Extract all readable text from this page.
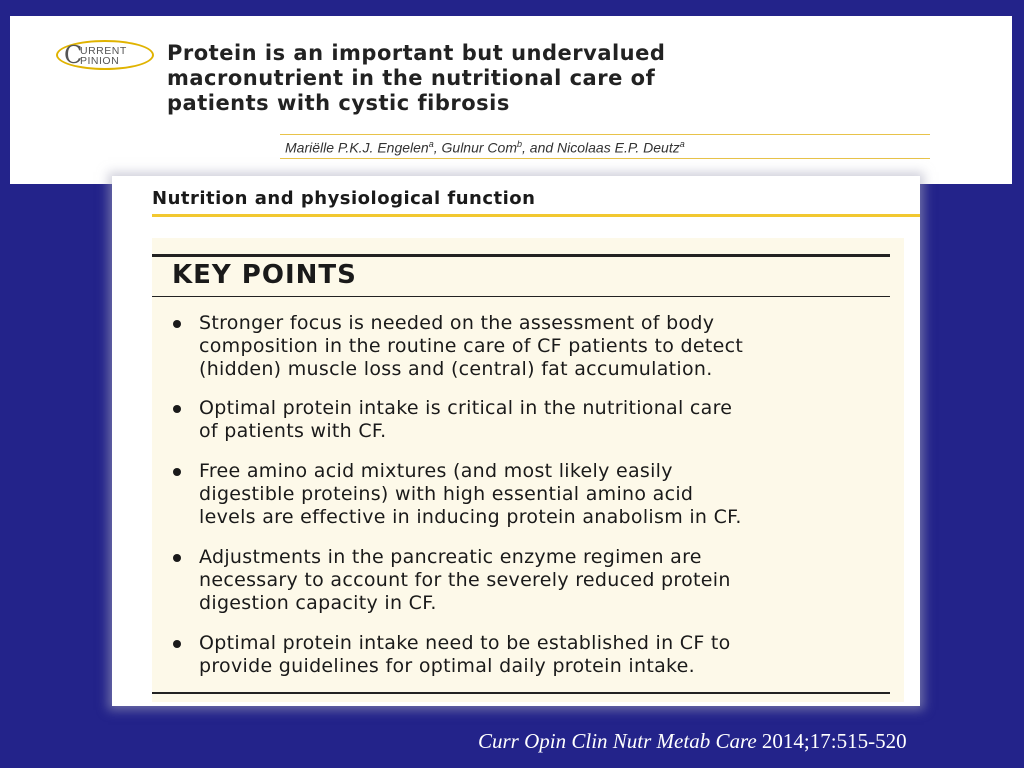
C
URRENT
PINION	Protein is an important but undervalued
macronutrient in the nutritional care of
patients with cystic fibrosis
Mariëlle P.K.J. Engelen$^a$, Gulnur Com$^b$, and Nicolaas E.P. Deutz$^a$
Nutrition and physiological function
KEY POINTS
Stronger focus is needed on the assessment of body
composition in the routine care of CF patients to detect
(hidden) muscle loss and (central) fat accumulation.
Optimal protein intake is critical in the nutritional care
of patients with CF.
Free amino acid mixtures (and most likely easily
digestible proteins) with high essential amino acid
levels are effective in inducing protein anabolism in CF.
Adjustments in the pancreatic enzyme regimen are
necessary to account for the severely reduced protein
digestion capacity in CF.
Optimal protein intake need to be established in CF to
provide guidelines for optimal daily protein intake.
Curr Opin Clin Nutr Metab Care 2014;17:515-520
